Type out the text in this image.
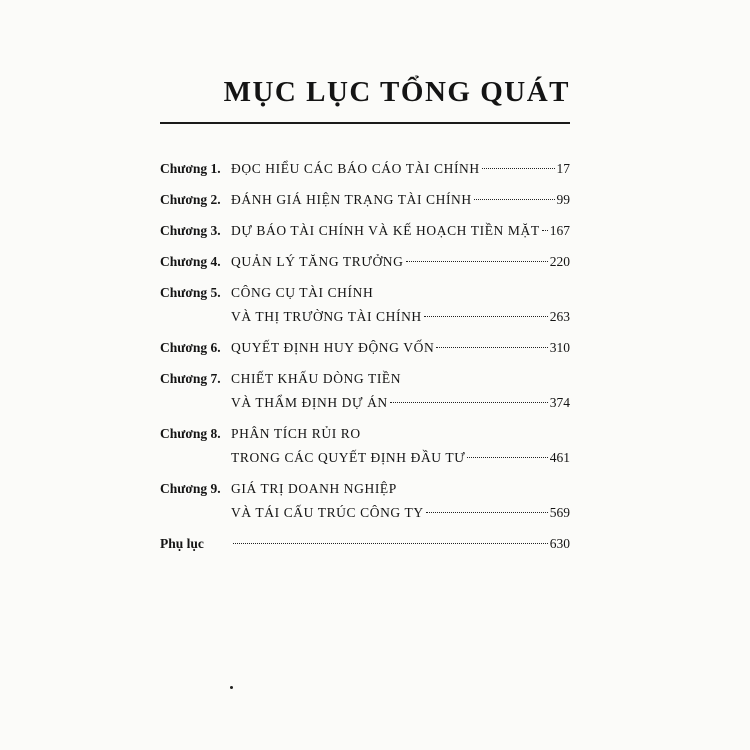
MỤC LỤC TỔNG QUÁT
Chương 1. ĐỌC HIỂU CÁC BÁO CÁO TÀI CHÍNH	17
Chương 2. ĐÁNH GIÁ HIỆN TRẠNG TÀI CHÍNH	99
Chương 3. DỰ BÁO TÀI CHÍNH VÀ KẾ HOẠCH TIỀN MẶT 167
Chương 4. QUẢN LÝ TĂNG TRƯỞNG	220
Chương 5. CÔNG CỤ TÀI CHÍNH
VÀ THỊ TRƯỜNG TÀI CHÍNH	263
Chương 6. QUYẾT ĐỊNH HUY ĐỘNG VỐN	310
Chương 7. CHIẾT KHẤU DÒNG TIỀN
VÀ THẨM ĐỊNH DỰ ÁN	374
Chương 8. PHÂN TÍCH RỦI RO
TRONG CÁC QUYẾT ĐỊNH ĐẦU TƯ	461
Chương 9. GIÁ TRỊ DOANH NGHIỆP
VÀ TÁI CẤU TRÚC CÔNG TY	569
Phụ lục	630
